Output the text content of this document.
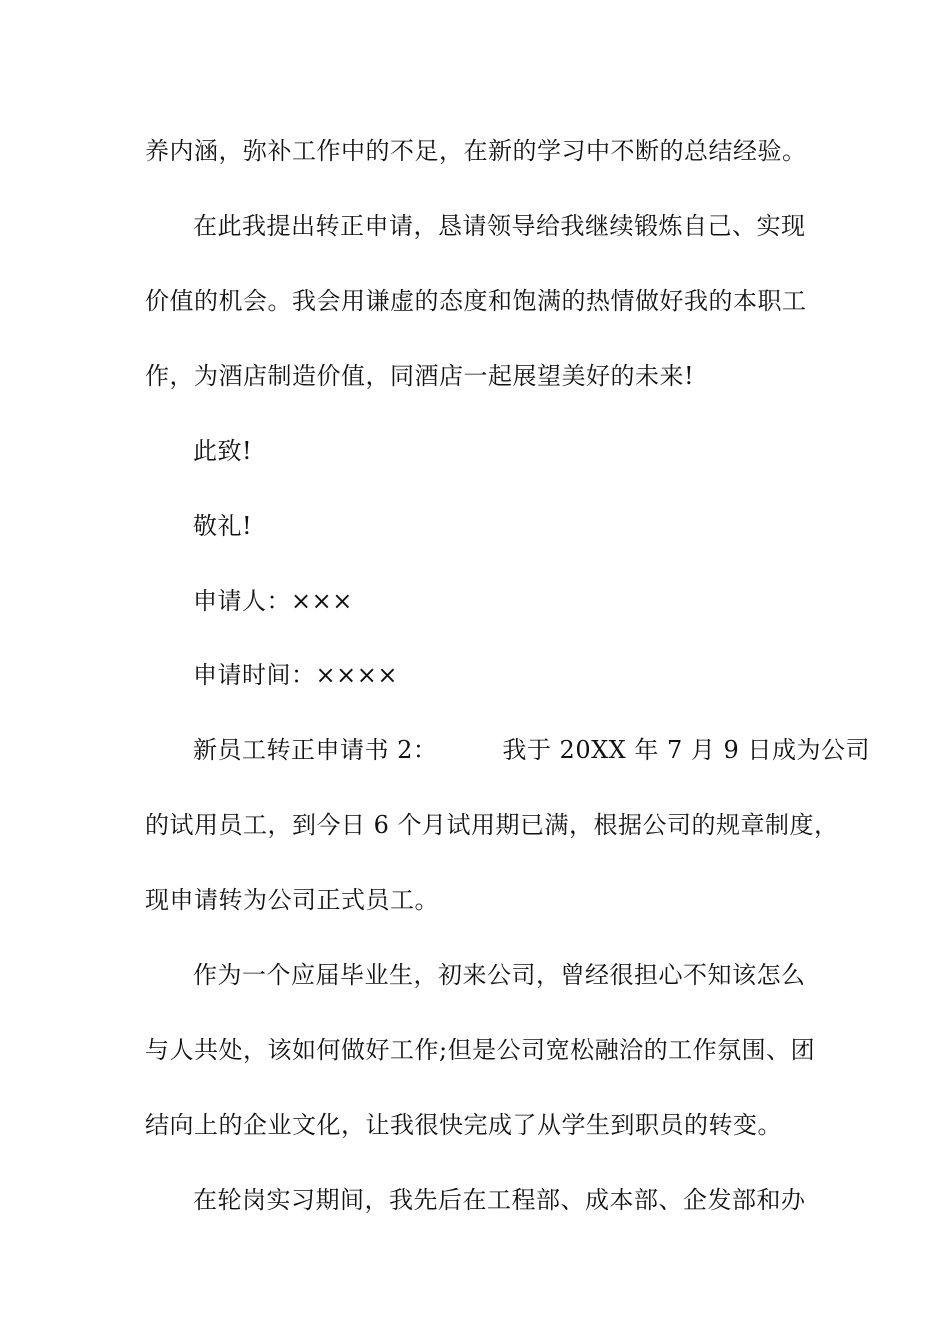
养内涵，弥补工作中的不足，在新的学习中不断的总结经验。
在此我提出转正申请，恳请领导给我继续锻炼自己、实现
价值的机会。我会用谦虚的态度和饱满的热情做好我的本职工
作，为酒店制造价值，同酒店一起展望美好的未来!
此致!
敬礼!
申请人：×××
申请时间：××××
新员工转正申请书 2：        我于 20XX 年 7 月 9 日成为公司
的试用员工，到今日 6 个月试用期已满，根据公司的规章制度，
现申请转为公司正式员工。
作为一个应届毕业生，初来公司，曾经很担心不知该怎么
与人共处，该如何做好工作;但是公司宽松融洽的工作氛围、团
结向上的企业文化，让我很快完成了从学生到职员的转变。
在轮岗实习期间，我先后在工程部、成本部、企发部和办
